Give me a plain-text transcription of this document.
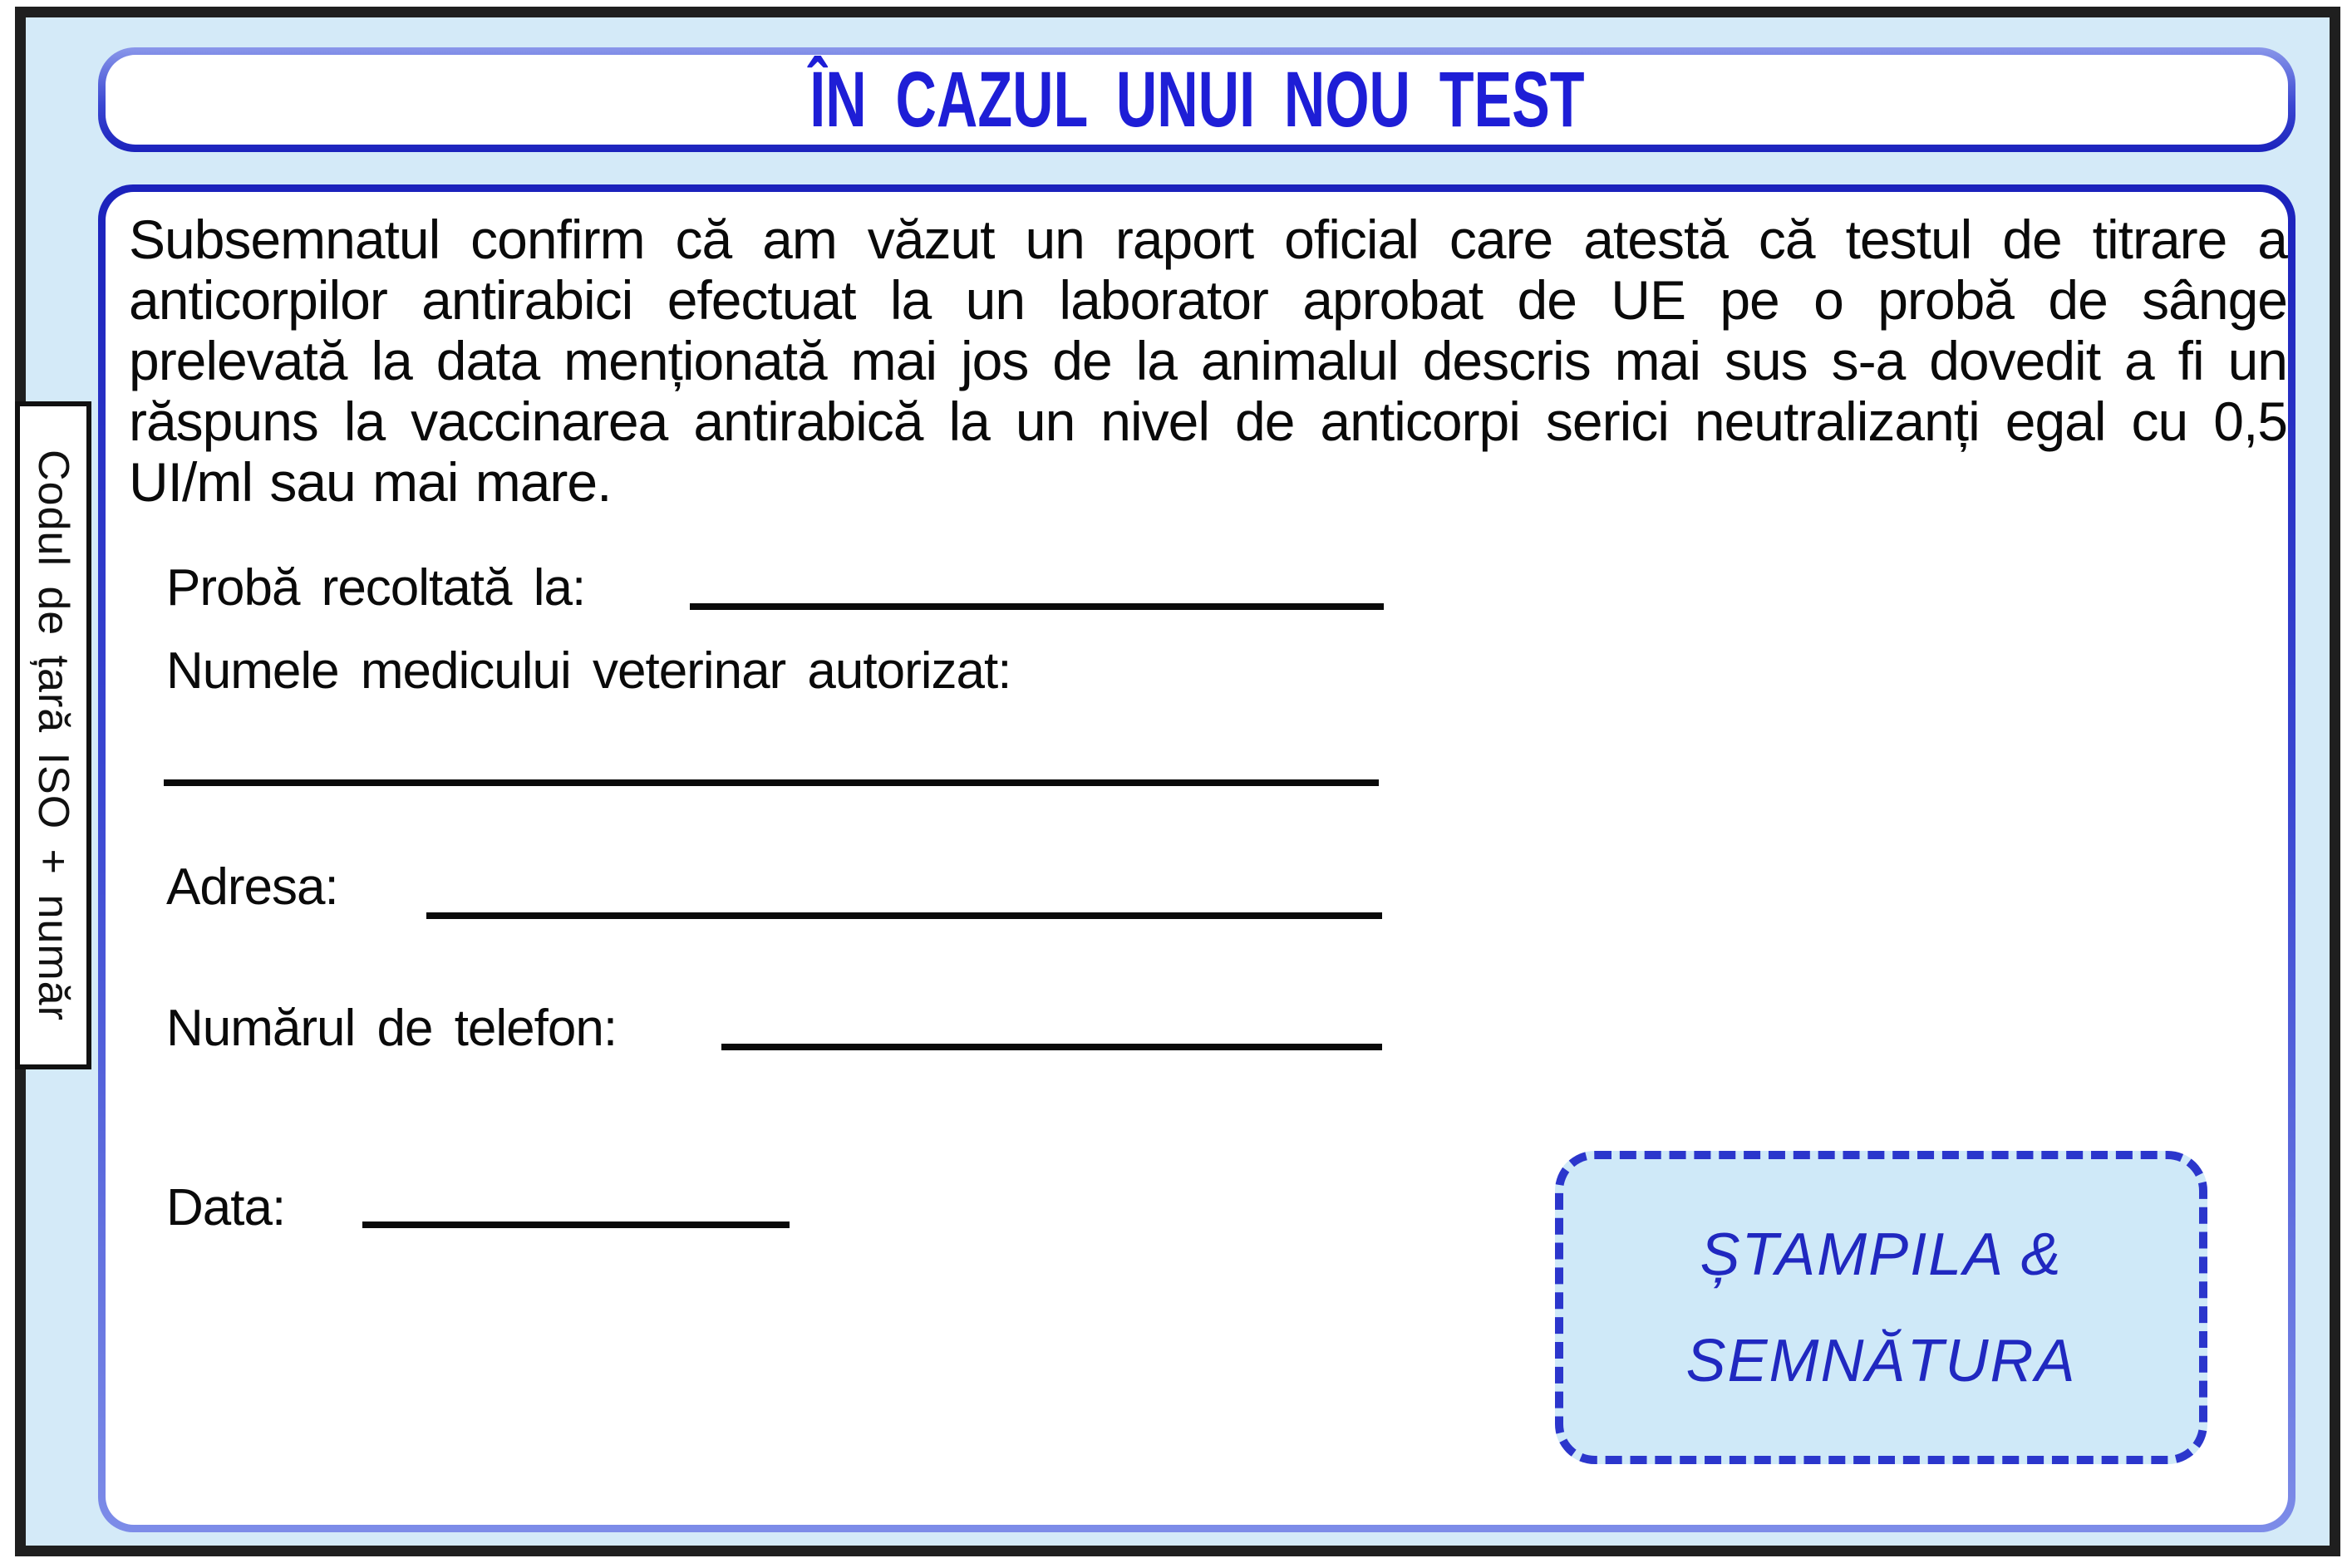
ÎN CAZUL UNUI NOU TEST
Subsemnatul confirm că am văzut un raport oficial care atestă că testul de titrare a anticorpilor antirabici efectuat la un laborator aprobat de UE pe o probă de sânge prelevată la data menționată mai jos de la animalul descris mai sus s-a dovedit a fi un răspuns la vaccinarea antirabică la un nivel de anticorpi serici neutralizanți egal cu 0,5 UI/ml sau mai mare.
Probă recoltată la:
Numele medicului veterinar autorizat:
Adresa:
Numărul de telefon:
Data:
ȘTAMPILA &
SEMNĂTURA
Codul de țară ISO + număr
